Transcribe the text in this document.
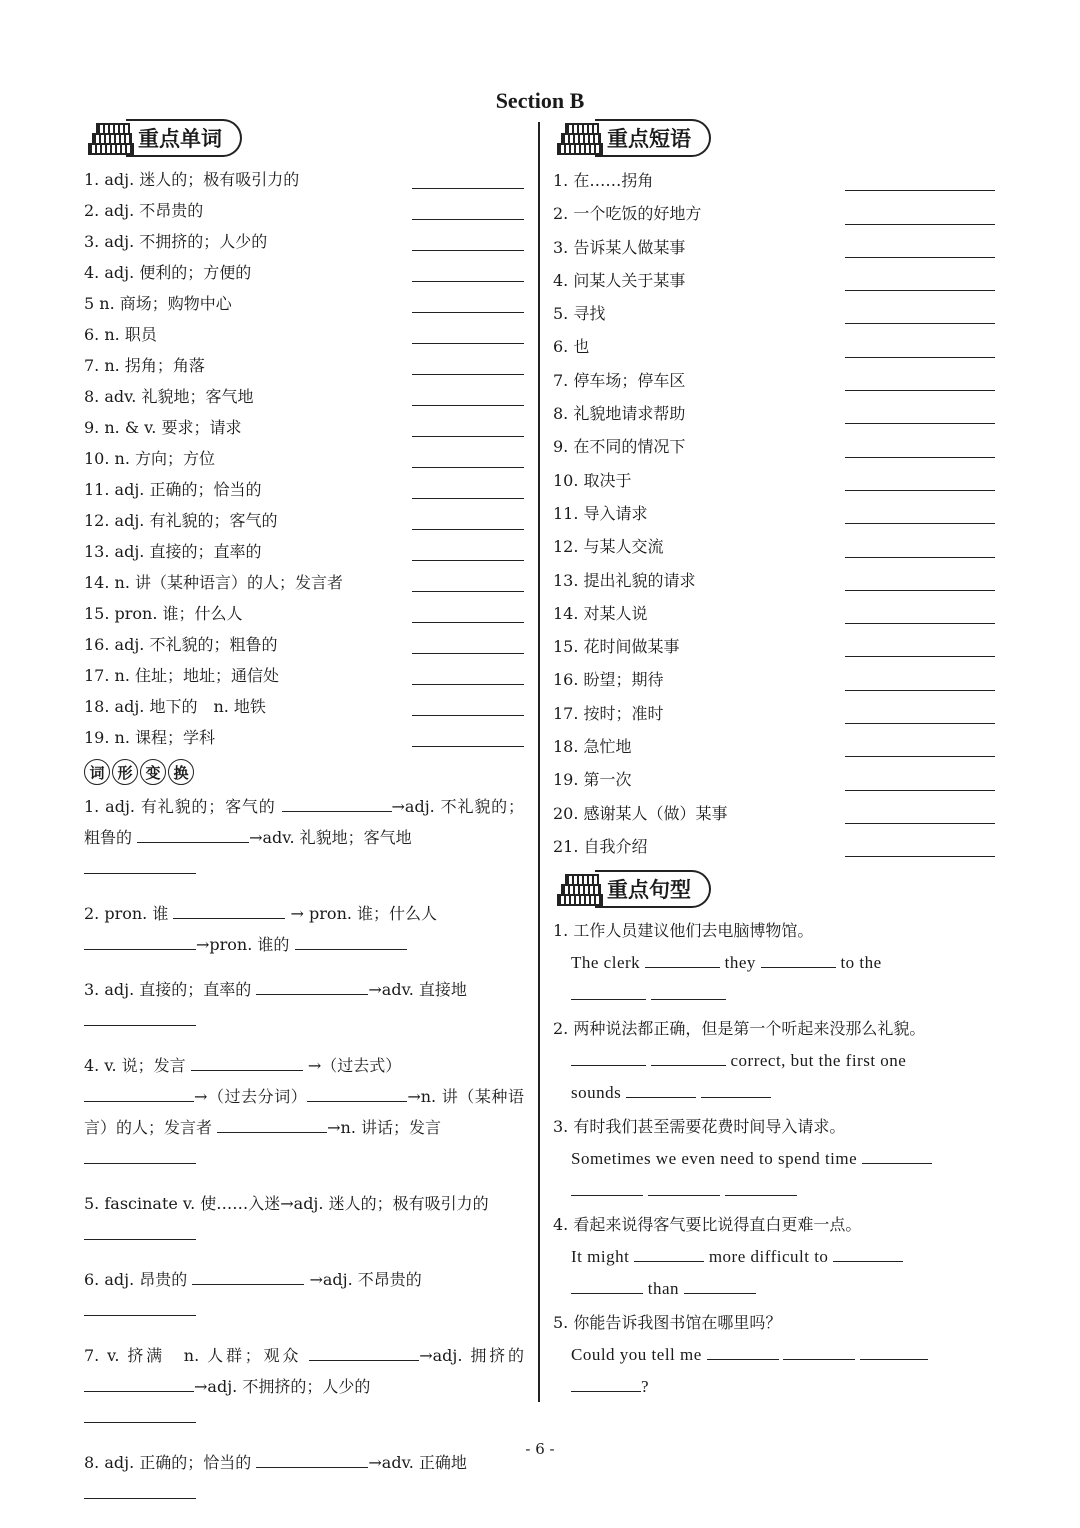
Section B
重点单词
1. adj. 迷人的；极有吸引力的
2. adj. 不昂贵的
3. adj. 不拥挤的；人少的
4. adj. 便利的；方便的
5 n. 商场；购物中心
6. n. 职员
7. n. 拐角；角落
8. adv. 礼貌地；客气地
9. n. & v. 要求；请求
10. n. 方向；方位
11. adj. 正确的；恰当的
12. adj. 有礼貌的；客气的
13. adj. 直接的；直率的
14. n. 讲（某种语言）的人；发言者
15. pron. 谁；什么人
16. adj. 不礼貌的；粗鲁的
17. n. 住址；地址；通信处
18. adj. 地下的　n. 地铁
19. n. 课程；学科
词 形 变 换
1. adj. 有礼貌的；客气的	→adj. 不礼貌的；粗鲁的	→adv. 礼貌地；客气地

2. pron. 谁	→ pron. 谁；什么人
→pron. 谁的
3. adj. 直接的；直率的	→adv. 直接地

4. v. 说；发言	→（过去式）
→（过去分词）	→n. 讲（某种语言）的人；发言者	→n. 讲话；发言

5. fascinate v. 使……入迷→adj. 迷人的；极有吸引力的

6. adj. 昂贵的	→adj. 不昂贵的

7. v. 挤满　n. 人群；观众	→adj. 拥挤的 →adj. 不拥挤的；人少的

8. adj. 正确的；恰当的	→adv. 正确地

重点短语
1. 在……拐角
2. 一个吃饭的好地方
3. 告诉某人做某事
4. 问某人关于某事
5. 寻找
6. 也
7. 停车场；停车区
8. 礼貌地请求帮助
9. 在不同的情况下
10. 取决于
11. 导入请求
12. 与某人交流
13. 提出礼貌的请求
14. 对某人说
15. 花时间做某事
16. 盼望；期待
17. 按时；准时
18. 急忙地
19. 第一次
20. 感谢某人（做）某事
21. 自我介绍
重点句型
1. 工作人员建议他们去电脑博物馆。
The clerk	they	to the

2. 两种说法都正确，但是第一个听起来没那么礼貌。
correct, but the first one
sounds
3. 有时我们甚至需要花费时间导入请求。
Sometimes we even need to spend time

4. 看起来说得客气要比说得直白更难一点。
It might	more difficult to
than
5. 你能告诉我图书馆在哪里吗？
Could you tell me
?
- 6 -
